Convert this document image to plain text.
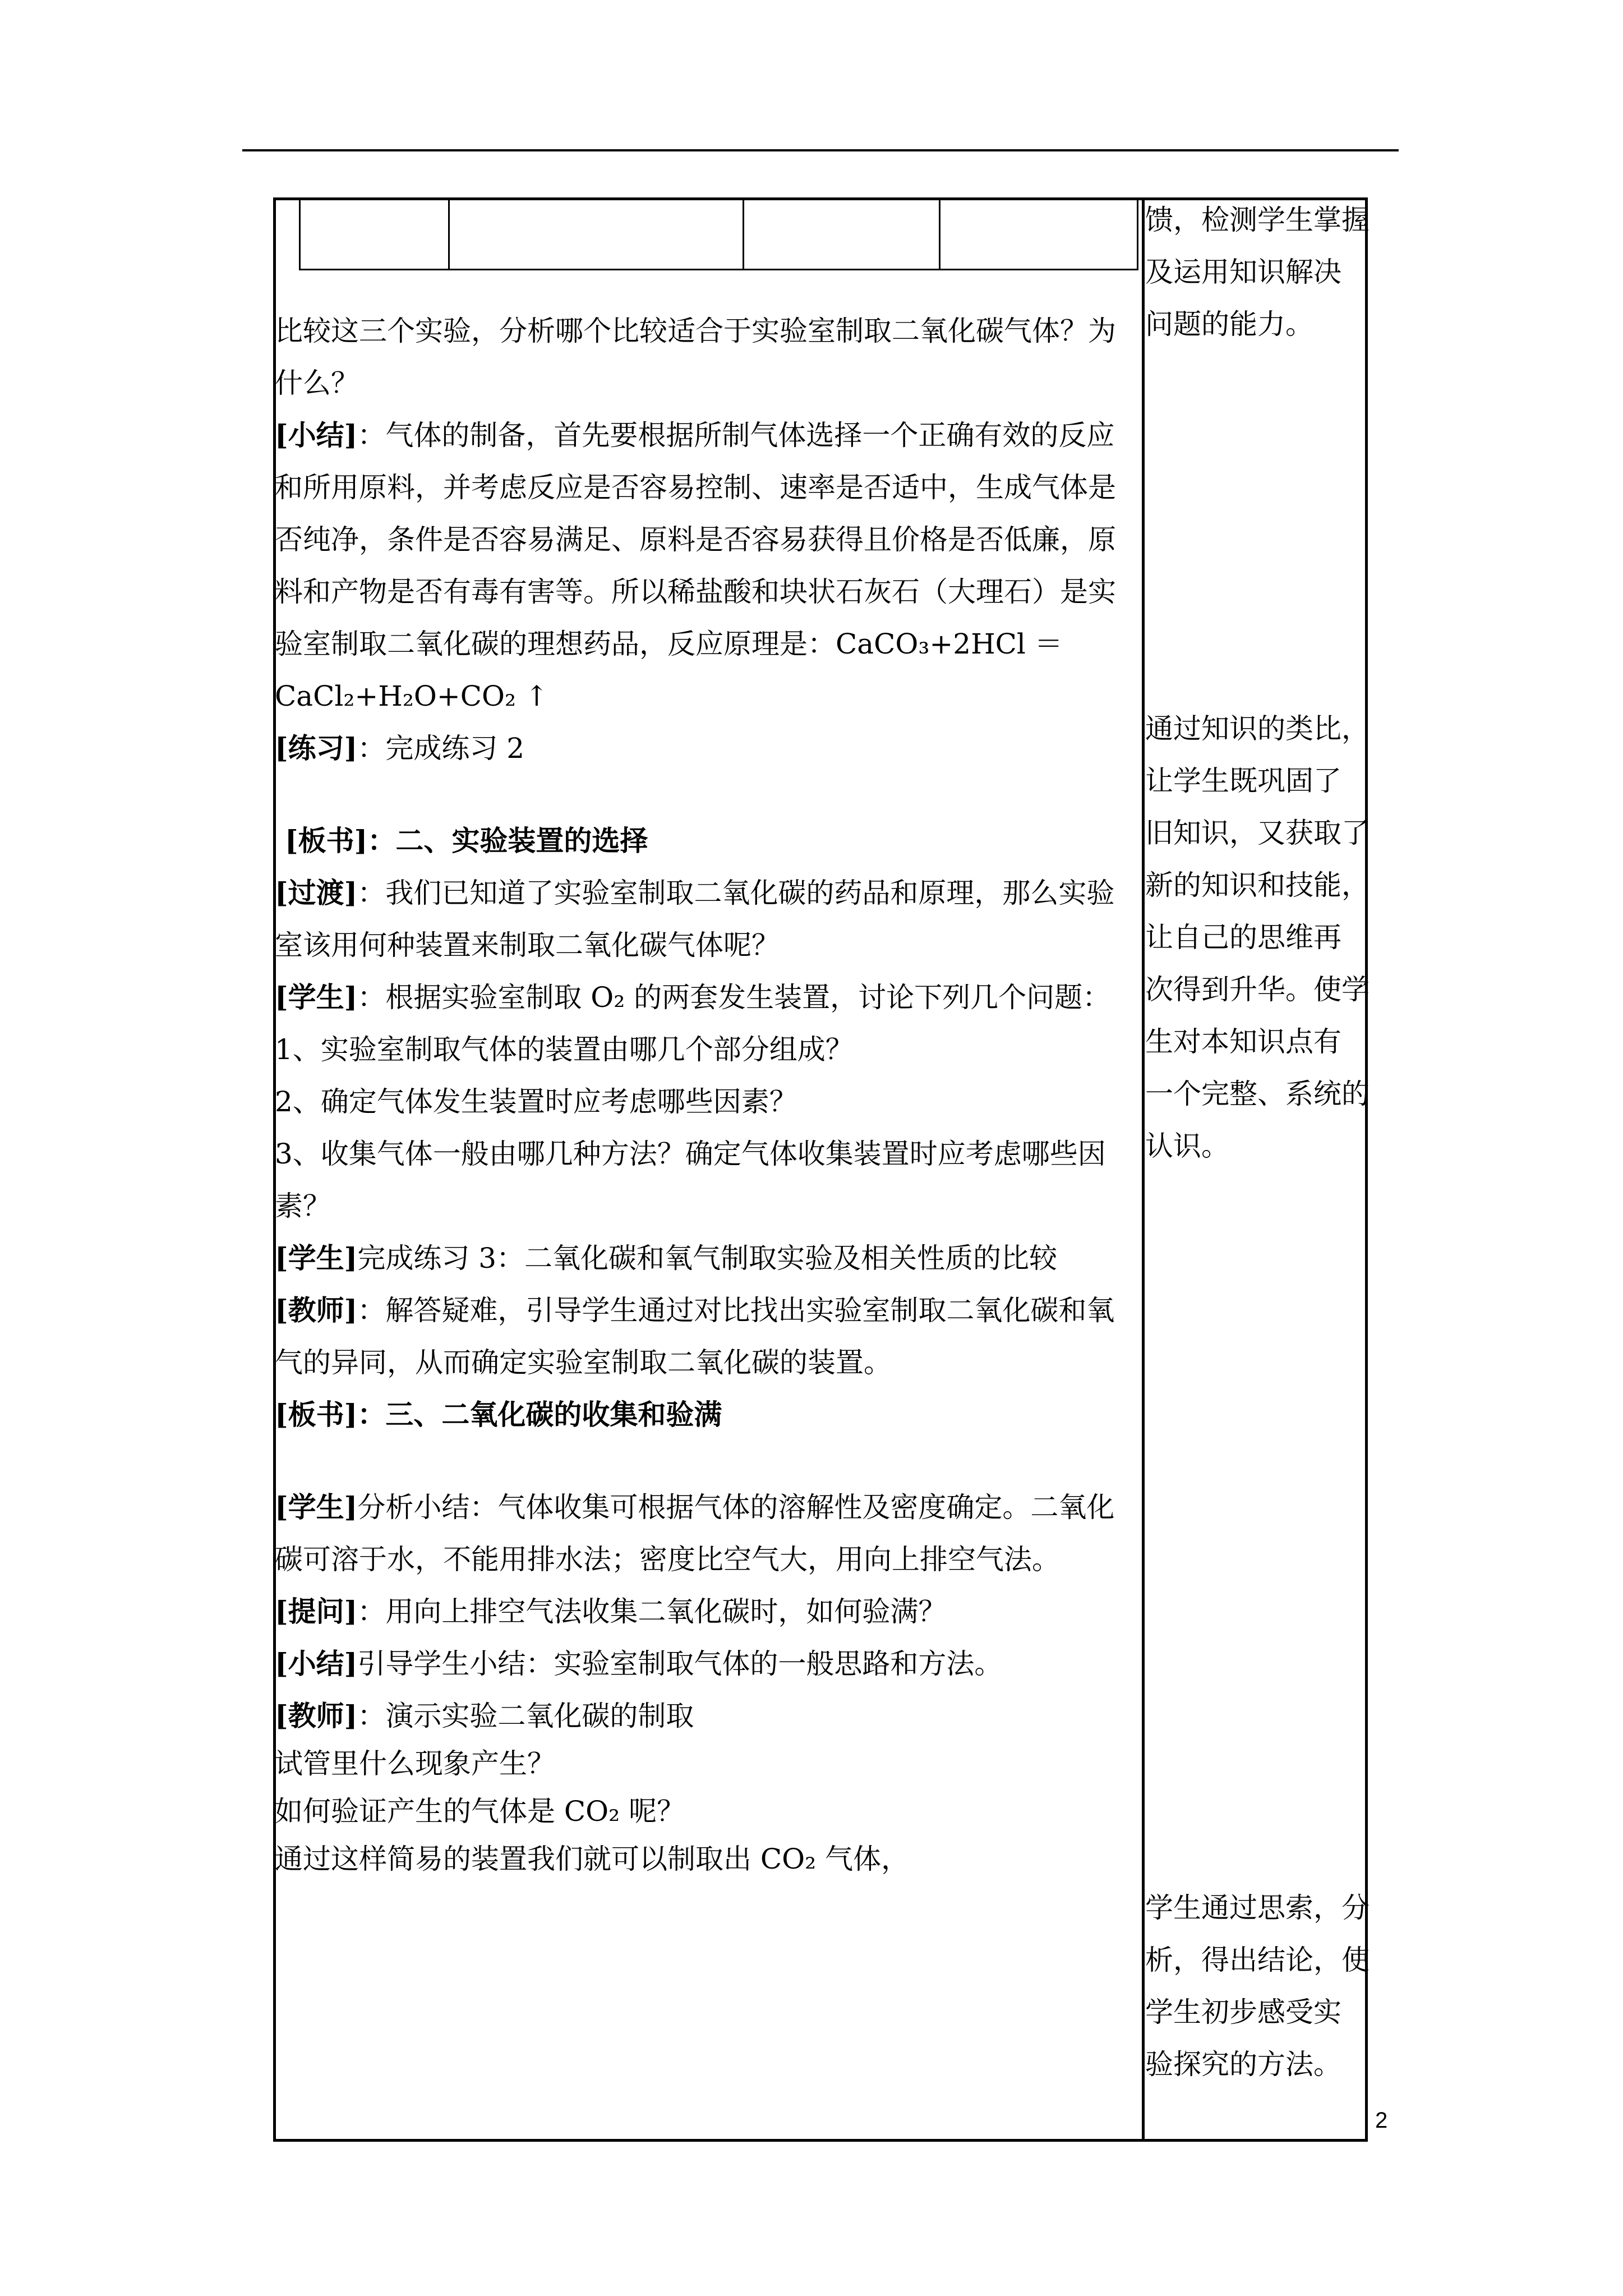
比较这三个实验，分析哪个比较适合于实验室制取二氧化碳气体？为
什么？
[小结]：气体的制备，首先要根据所制气体选择一个正确有效的反应
和所用原料，并考虑反应是否容易控制、速率是否适中，生成气体是
否纯净，条件是否容易满足、原料是否容易获得且价格是否低廉，原
料和产物是否有毒有害等。所以稀盐酸和块状石灰石（大理石）是实
验室制取二氧化碳的理想药品，反应原理是：CaCO₃+2HCl ＝
CaCl₂+H₂O+CO₂ ↑
[练习]：完成练习 2
[板书]：二、实验装置的选择
[过渡]：我们已知道了实验室制取二氧化碳的药品和原理，那么实验
室该用何种装置来制取二氧化碳气体呢？
[学生]：根据实验室制取 O₂ 的两套发生装置，讨论下列几个问题：
1、实验室制取气体的装置由哪几个部分组成？
2、确定气体发生装置时应考虑哪些因素？
3、收集气体一般由哪几种方法？确定气体收集装置时应考虑哪些因
素？
[学生]完成练习 3：二氧化碳和氧气制取实验及相关性质的比较
[教师]：解答疑难，引导学生通过对比找出实验室制取二氧化碳和氧
气的异同，从而确定实验室制取二氧化碳的装置。
[板书]：三、二氧化碳的收集和验满
[学生]分析小结：气体收集可根据气体的溶解性及密度确定。二氧化
碳可溶于水，不能用排水法；密度比空气大，用向上排空气法。
[提问]：用向上排空气法收集二氧化碳时，如何验满？
[小结]引导学生小结：实验室制取气体的一般思路和方法。
[教师]：演示实验二氧化碳的制取
试管里什么现象产生？
如何验证产生的气体是 CO₂ 呢？
通过这样简易的装置我们就可以制取出 CO₂ 气体，
馈，检测学生掌握
及运用知识解决
问题的能力。
通过知识的类比，
让学生既巩固了
旧知识，又获取了
新的知识和技能，
让自己的思维再
次得到升华。使学
生对本知识点有
一个完整、系统的
认识。
学生通过思索，分
析，得出结论，使
学生初步感受实
验探究的方法。
2
